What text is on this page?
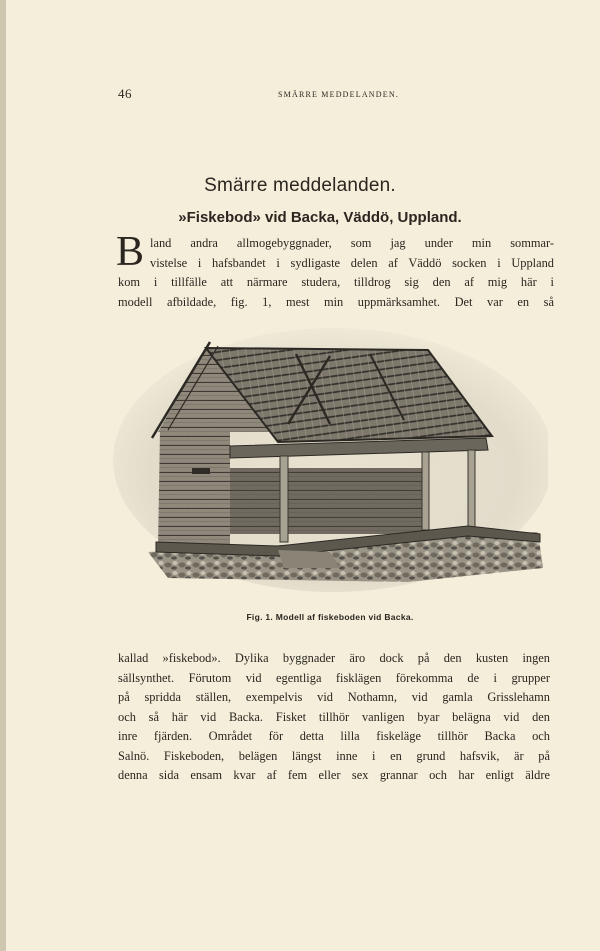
46	SMÄRRE MEDDELANDEN.
Smärre meddelanden.
»Fiskebod» vid Backa, Väddö, Uppland.
B land andra allmogebyggnader, som jag under min sommar-
vistelse i hafsbandet i sydligaste delen af Väddö socken i Uppland
kom i tillfälle att närmare studera, tilldrog sig den af mig här i
modell afbildade, fig. 1, mest min uppmärksamhet. Det var en så
Fig. 1. Modell af fiskeboden vid Backa.
kallad »fiskebod». Dylika byggnader äro dock på den kusten ingen
sällsynthet. Förutom vid egentliga fisklägen förekomma de i grupper
på spridda ställen, exempelvis vid Nothamn, vid gamla Grisslehamn
och så här vid Backa. Fisket tillhör vanligen byar belägna vid den
inre fjärden. Området för detta lilla fiskeläge tillhör Backa och
Salnö. Fiskeboden, belägen längst inne i en grund hafsvik, är på
denna sida ensam kvar af fem eller sex grannar och har enligt äldre
